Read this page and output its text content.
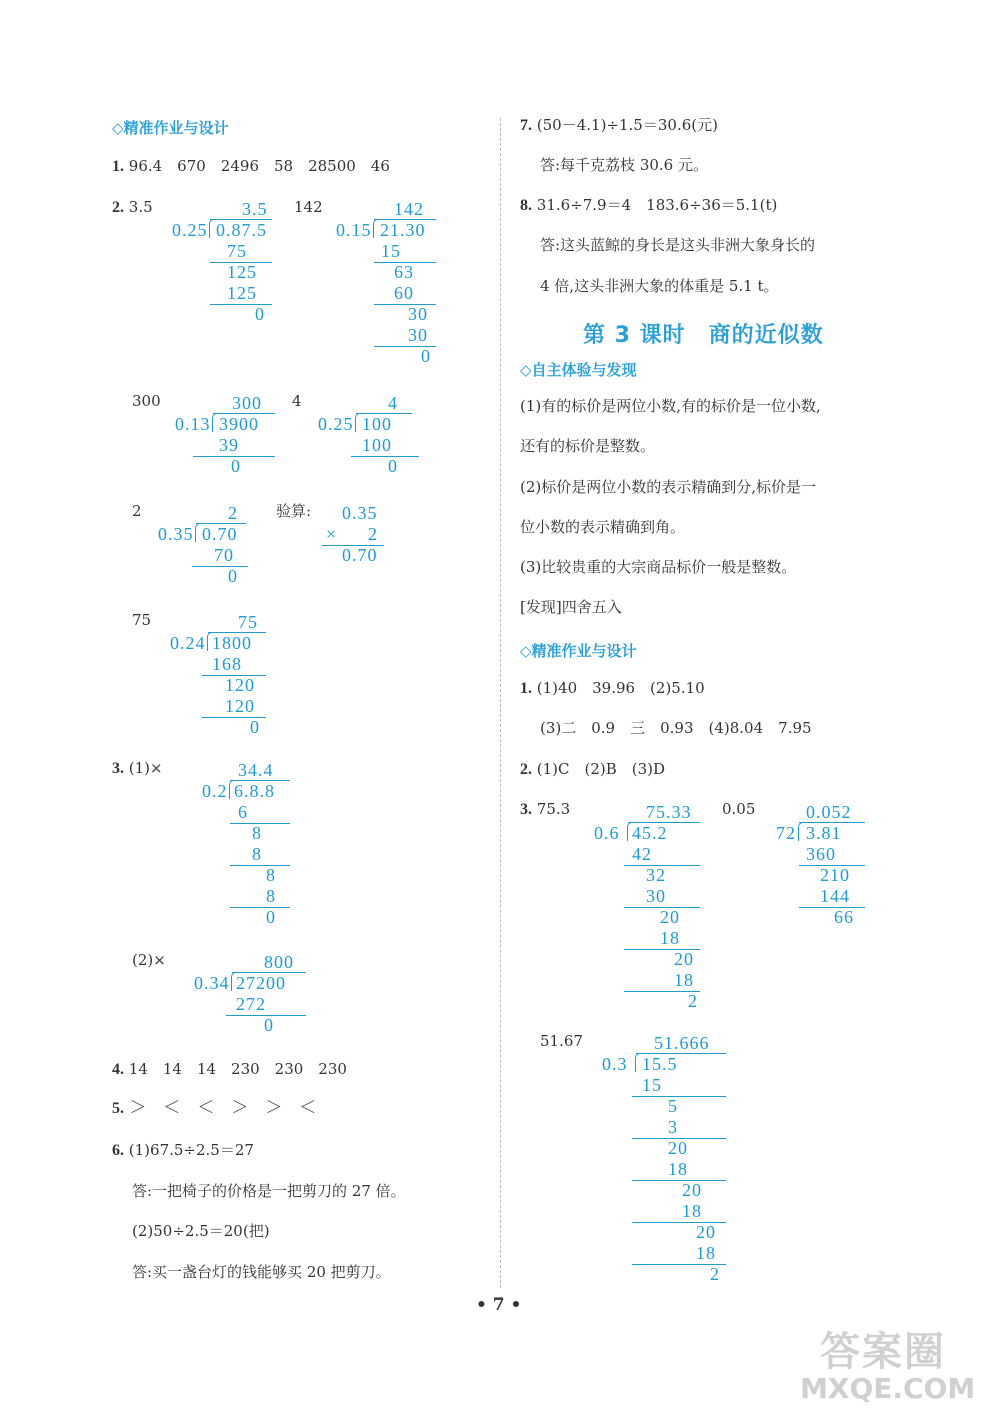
◇精准作业与设计
1. 96.4　670　2496　58　28500　46
2. 3.5	142
3.5
0.25 0.87.5
75
125
125
0
142
0.15 21.30
15
63
60
30
30
0
300	4
300
0.13 3900
39
0
4
0.25 100
100
0
2	验算:
2
0.35 0.70
70
0
0.35
× 2
0.70
75	75
0.24 1800
168
120
120
0
3. (1)×	34.4
0.2 6.8.8
6
8
8
8
8
0
(2)×	800
0.34 27200
272
0
4. 14　14　14　230　230　230
5. ＞　＜　＜　＞　＞　＜
6. (1)67.5÷2.5＝27
答:一把椅子的价格是一把剪刀的 27 倍。
(2)50÷2.5＝20(把)
答:买一盏台灯的钱能够买 20 把剪刀。
7. (50－4.1)÷1.5＝30.6(元)
答:每千克荔枝 30.6 元。
8. 31.6÷7.9＝4　183.6÷36＝5.1(t)
答:这头蓝鲸的身长是这头非洲大象身长的
4 倍,这头非洲大象的体重是 5.1 t。
第 3 课时　商的近似数
◇自主体验与发现
(1)有的标价是两位小数,有的标价是一位小数,
还有的标价是整数。
(2)标价是两位小数的表示精确到分,标价是一
位小数的表示精确到角。
(3)比较贵重的大宗商品标价一般是整数。
[发现]四舍五入
◇精准作业与设计
1. (1)40　39.96　(2)5.10
(3)二　0.9　三　0.93　(4)8.04　7.95
2. (1)C　(2)B　(3)D
3. 75.3	0.05
75.33
0.6 45.2
42
32
30
20
18
20
18
2
0.052
72 3.81
360
210
144
66
51.67	51.666
0.3 15.5
15
5
3
20
18
20
18
20
18
2
• 7 •
答案圈
MXQE.COM
